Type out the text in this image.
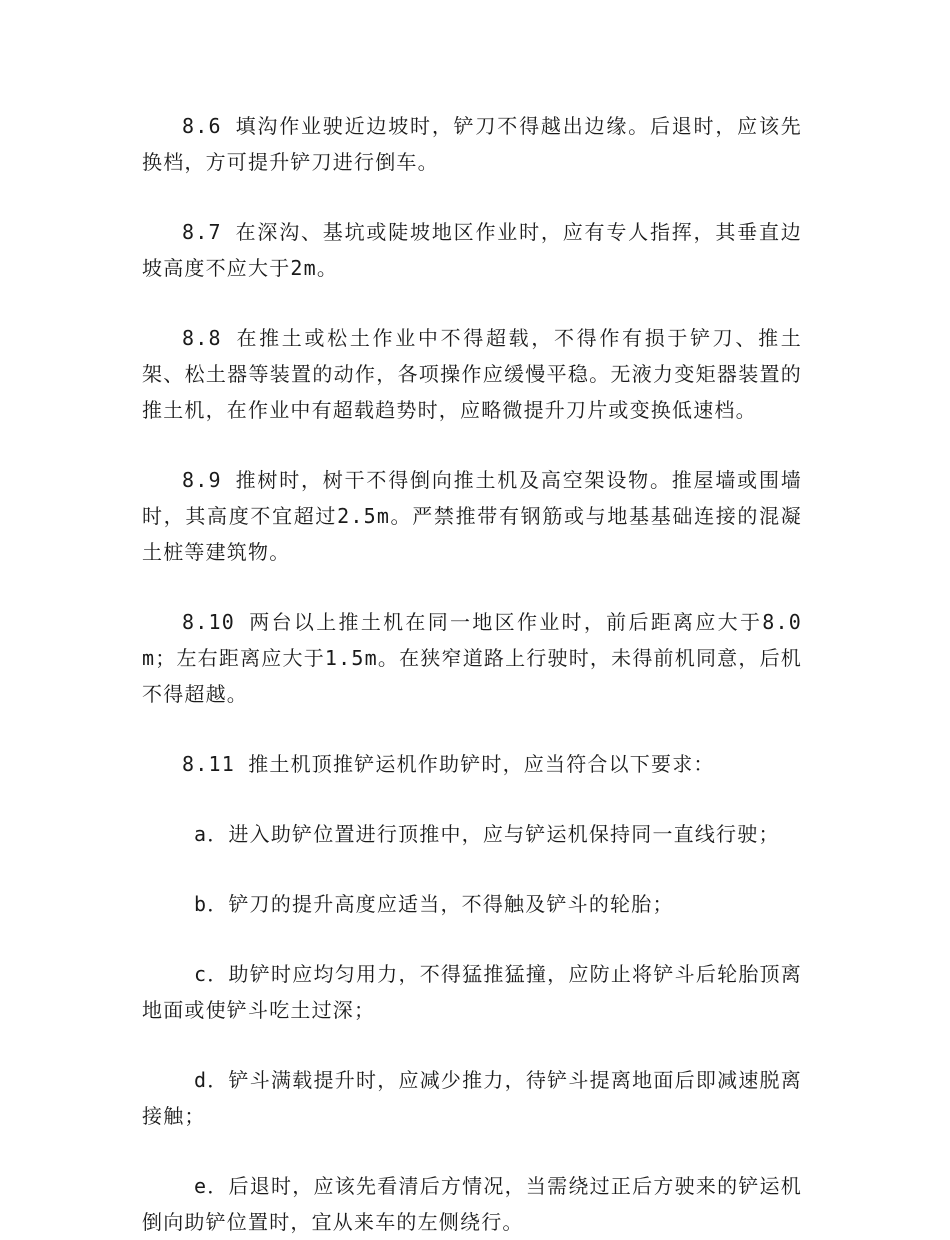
8.6 填沟作业驶近边坡时，铲刀不得越出边缘。后退时，应该先换档，方可提升铲刀进行倒车。

8.7 在深沟、基坑或陡坡地区作业时，应有专人指挥，其垂直边坡高度不应大于2m。

8.8 在推土或松土作业中不得超载，不得作有损于铲刀、推土架、松土器等装置的动作，各项操作应缓慢平稳。无液力变矩器装置的推土机，在作业中有超载趋势时，应略微提升刀片或变换低速档。

8.9 推树时，树干不得倒向推土机及高空架设物。推屋墙或围墙时，其高度不宜超过2.5m。严禁推带有钢筋或与地基基础连接的混凝土桩等建筑物。

8.10 两台以上推土机在同一地区作业时，前后距离应大于8.0m；左右距离应大于1.5m。在狭窄道路上行驶时，未得前机同意，后机不得超越。

8.11 推土机顶推铲运机作助铲时，应当符合以下要求：

a．进入助铲位置进行顶推中，应与铲运机保持同一直线行驶；

b．铲刀的提升高度应适当，不得触及铲斗的轮胎；

c．助铲时应均匀用力，不得猛推猛撞，应防止将铲斗后轮胎顶离地面或使铲斗吃土过深；

d．铲斗满载提升时，应减少推力，待铲斗提离地面后即减速脱离接触；

e．后退时，应该先看清后方情况，当需绕过正后方驶来的铲运机倒向助铲位置时，宜从来车的左侧绕行。
